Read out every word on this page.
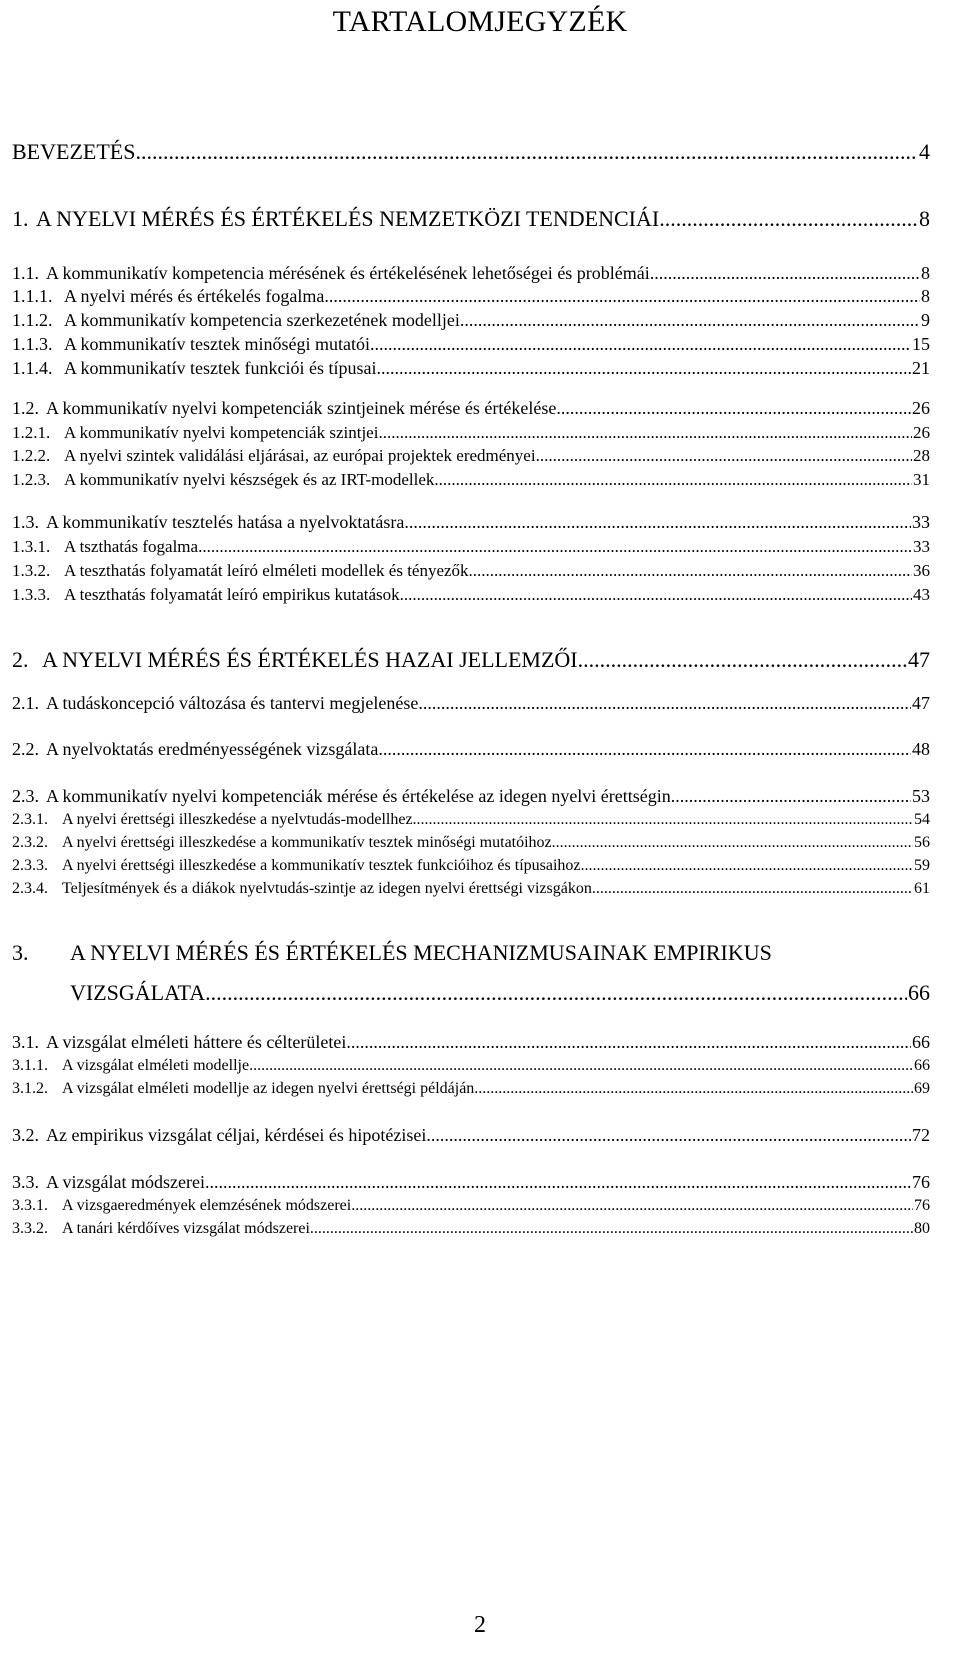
TARTALOMJEGYZÉK
BEVEZETÉS .....	4
1. A NYELVI MÉRÉS ÉS ÉRTÉKELÉS NEMZETKÖZI TENDENCIÁI .....	8
1.1. A kommunikatív kompetencia mérésének és értékelésének lehetőségei és problémái .....	8
1.1.1. A nyelvi mérés és értékelés fogalma .....	8
1.1.2. A kommunikatív kompetencia szerkezetének modelljei .....	9
1.1.3. A kommunikatív tesztek minőségi mutatói .....	15
1.1.4. A kommunikatív tesztek funkciói és típusai .....	21
1.2. A kommunikatív nyelvi kompetenciák szintjeinek mérése és értékelése .....	26
1.2.1. A kommunikatív nyelvi kompetenciák szintjei .....	26
1.2.2. A nyelvi szintek validálási eljárásai, az európai projektek eredményei .....	28
1.2.3. A kommunikatív nyelvi készségek és az IRT-modellek .....	31
1.3. A kommunikatív tesztelés hatása a nyelvoktatásra .....	33
1.3.1. A tszthatás fogalma .....	33
1.3.2. A teszthatás folyamatát leíró elméleti modellek és tényezők .....	36
1.3.3. A teszthatás folyamatát leíró empirikus kutatások .....	43
2. A NYELVI MÉRÉS ÉS ÉRTÉKELÉS HAZAI JELLEMZŐI .....	47
2.1. A tudáskoncepció változása és tantervi megjelenése .....	47
2.2. A nyelvoktatás eredményességének vizsgálata .....	48
2.3. A kommunikatív nyelvi kompetenciák mérése és értékelése az idegen nyelvi érettségin .....	53
2.3.1. A nyelvi érettségi illeszkedése a nyelvtudás-modellhez .....	54
2.3.2. A nyelvi érettségi illeszkedése a kommunikatív tesztek minőségi mutatóihoz .....	56
2.3.3. A nyelvi érettségi illeszkedése a kommunikatív tesztek funkcióihoz és típusaihoz .....	59
2.3.4. Teljesítmények és a diákok nyelvtudás-szintje az idegen nyelvi érettségi vizsgákon .....	61
3. A NYELVI MÉRÉS ÉS ÉRTÉKELÉS MECHANIZMUSAINAK EMPIRIKUS
VIZSGÁLATA .....	66
3.1. A vizsgálat elméleti háttere és célterületei .....	66
3.1.1. A vizsgálat elméleti modellje .....	66
3.1.2. A vizsgálat elméleti modellje az idegen nyelvi érettségi példáján .....	69
3.2. Az empirikus vizsgálat céljai, kérdései és hipotézisei .....	72
3.3. A vizsgálat módszerei .....	76
3.3.1. A vizsgaeredmények elemzésének módszerei .....	76
3.3.2. A tanári kérdőíves vizsgálat módszerei .....	80
2
